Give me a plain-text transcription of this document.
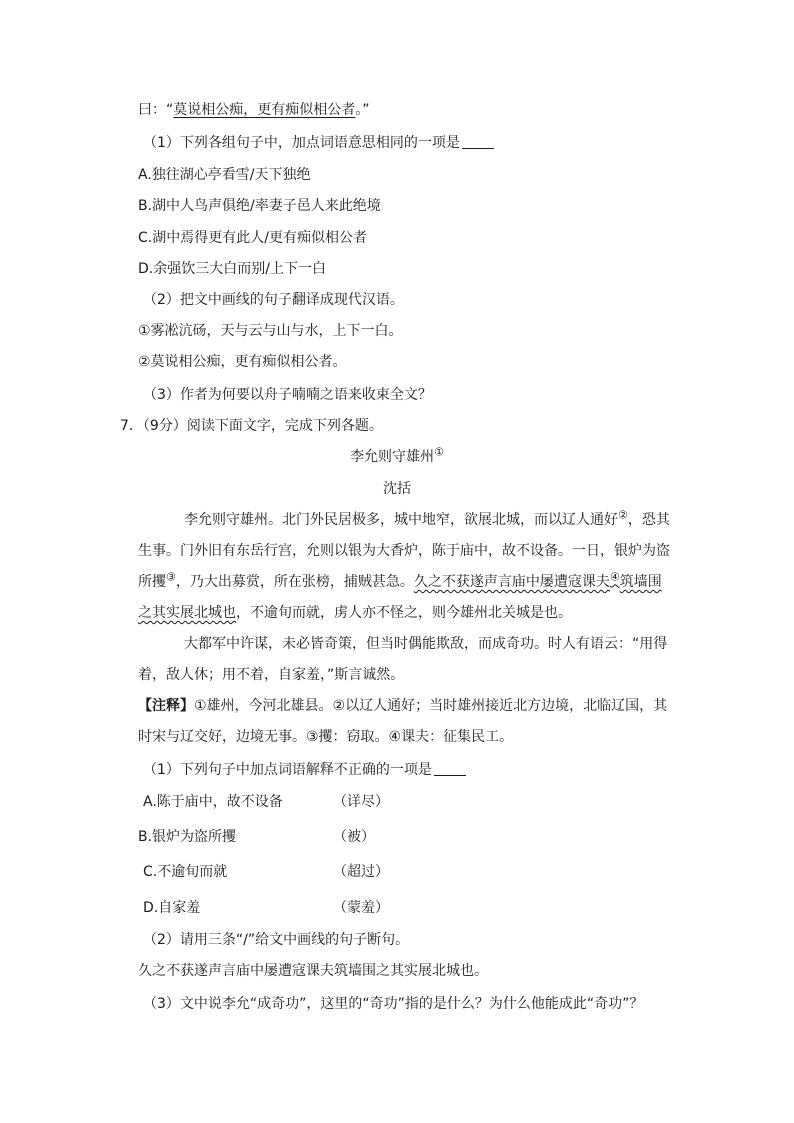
曰：“莫说相公痴，更有痴似相公者。”
（1）下列各组句子中，加点词语意思相同的一项是
A.独往湖心亭看雪/天下独绝
B.湖中人鸟声俱绝/率妻子邑人来此绝境
C.湖中焉得更有此人/更有痴似相公者
D.余强饮三大白而别/上下一白
（2）把文中画线的句子翻译成现代汉语。
①雾凇沆砀，天与云与山与水，上下一白。
②莫说相公痴，更有痴似相公者。
（3）作者为何要以舟子喃喃之语来收束全文？
7．（9分）阅读下面文字，完成下列各题。
李允则守雄州①
沈括
李允则守雄州。北门外民居极多，城中地窄，欲展北城，而以辽人通好②，恐其
生事。门外旧有东岳行宫，允则以银为大香炉，陈于庙中，故不设备。一日，银炉为盗
所攫③，乃大出募赏，所在张榜，捕贼甚急。久之不获遂声言庙中屡遭寇课夫④筑墙围
之其实展北城也，不逾旬而就，虏人亦不怪之，则今雄州北关城是也。
大都军中许谋，未必皆奇策，但当时偶能欺敌，而成奇功。时人有语云：“用得
着，敌人休；用不着，自家羞，”斯言诚然。
【注释】①雄州，今河北雄县。②以辽人通好；当时雄州接近北方边境，北临辽国，其
时宋与辽交好，边境无事。③攫：窃取。④课夫：征集民工。
（1）下列句子中加点词语解释不正确的一项是
A.陈于庙中，故不设备	（详尽）
B.银炉为盗所攫	（被）
C.不逾旬而就	（超过）
D.自家羞	（蒙羞）
（2）请用三条“/”给文中画线的句子断句。
久之不获遂声言庙中屡遭寇课夫筑墙围之其实展北城也。
（3）文中说李允“成奇功”，这里的“奇功”指的是什么？为什么他能成此“奇功”？
